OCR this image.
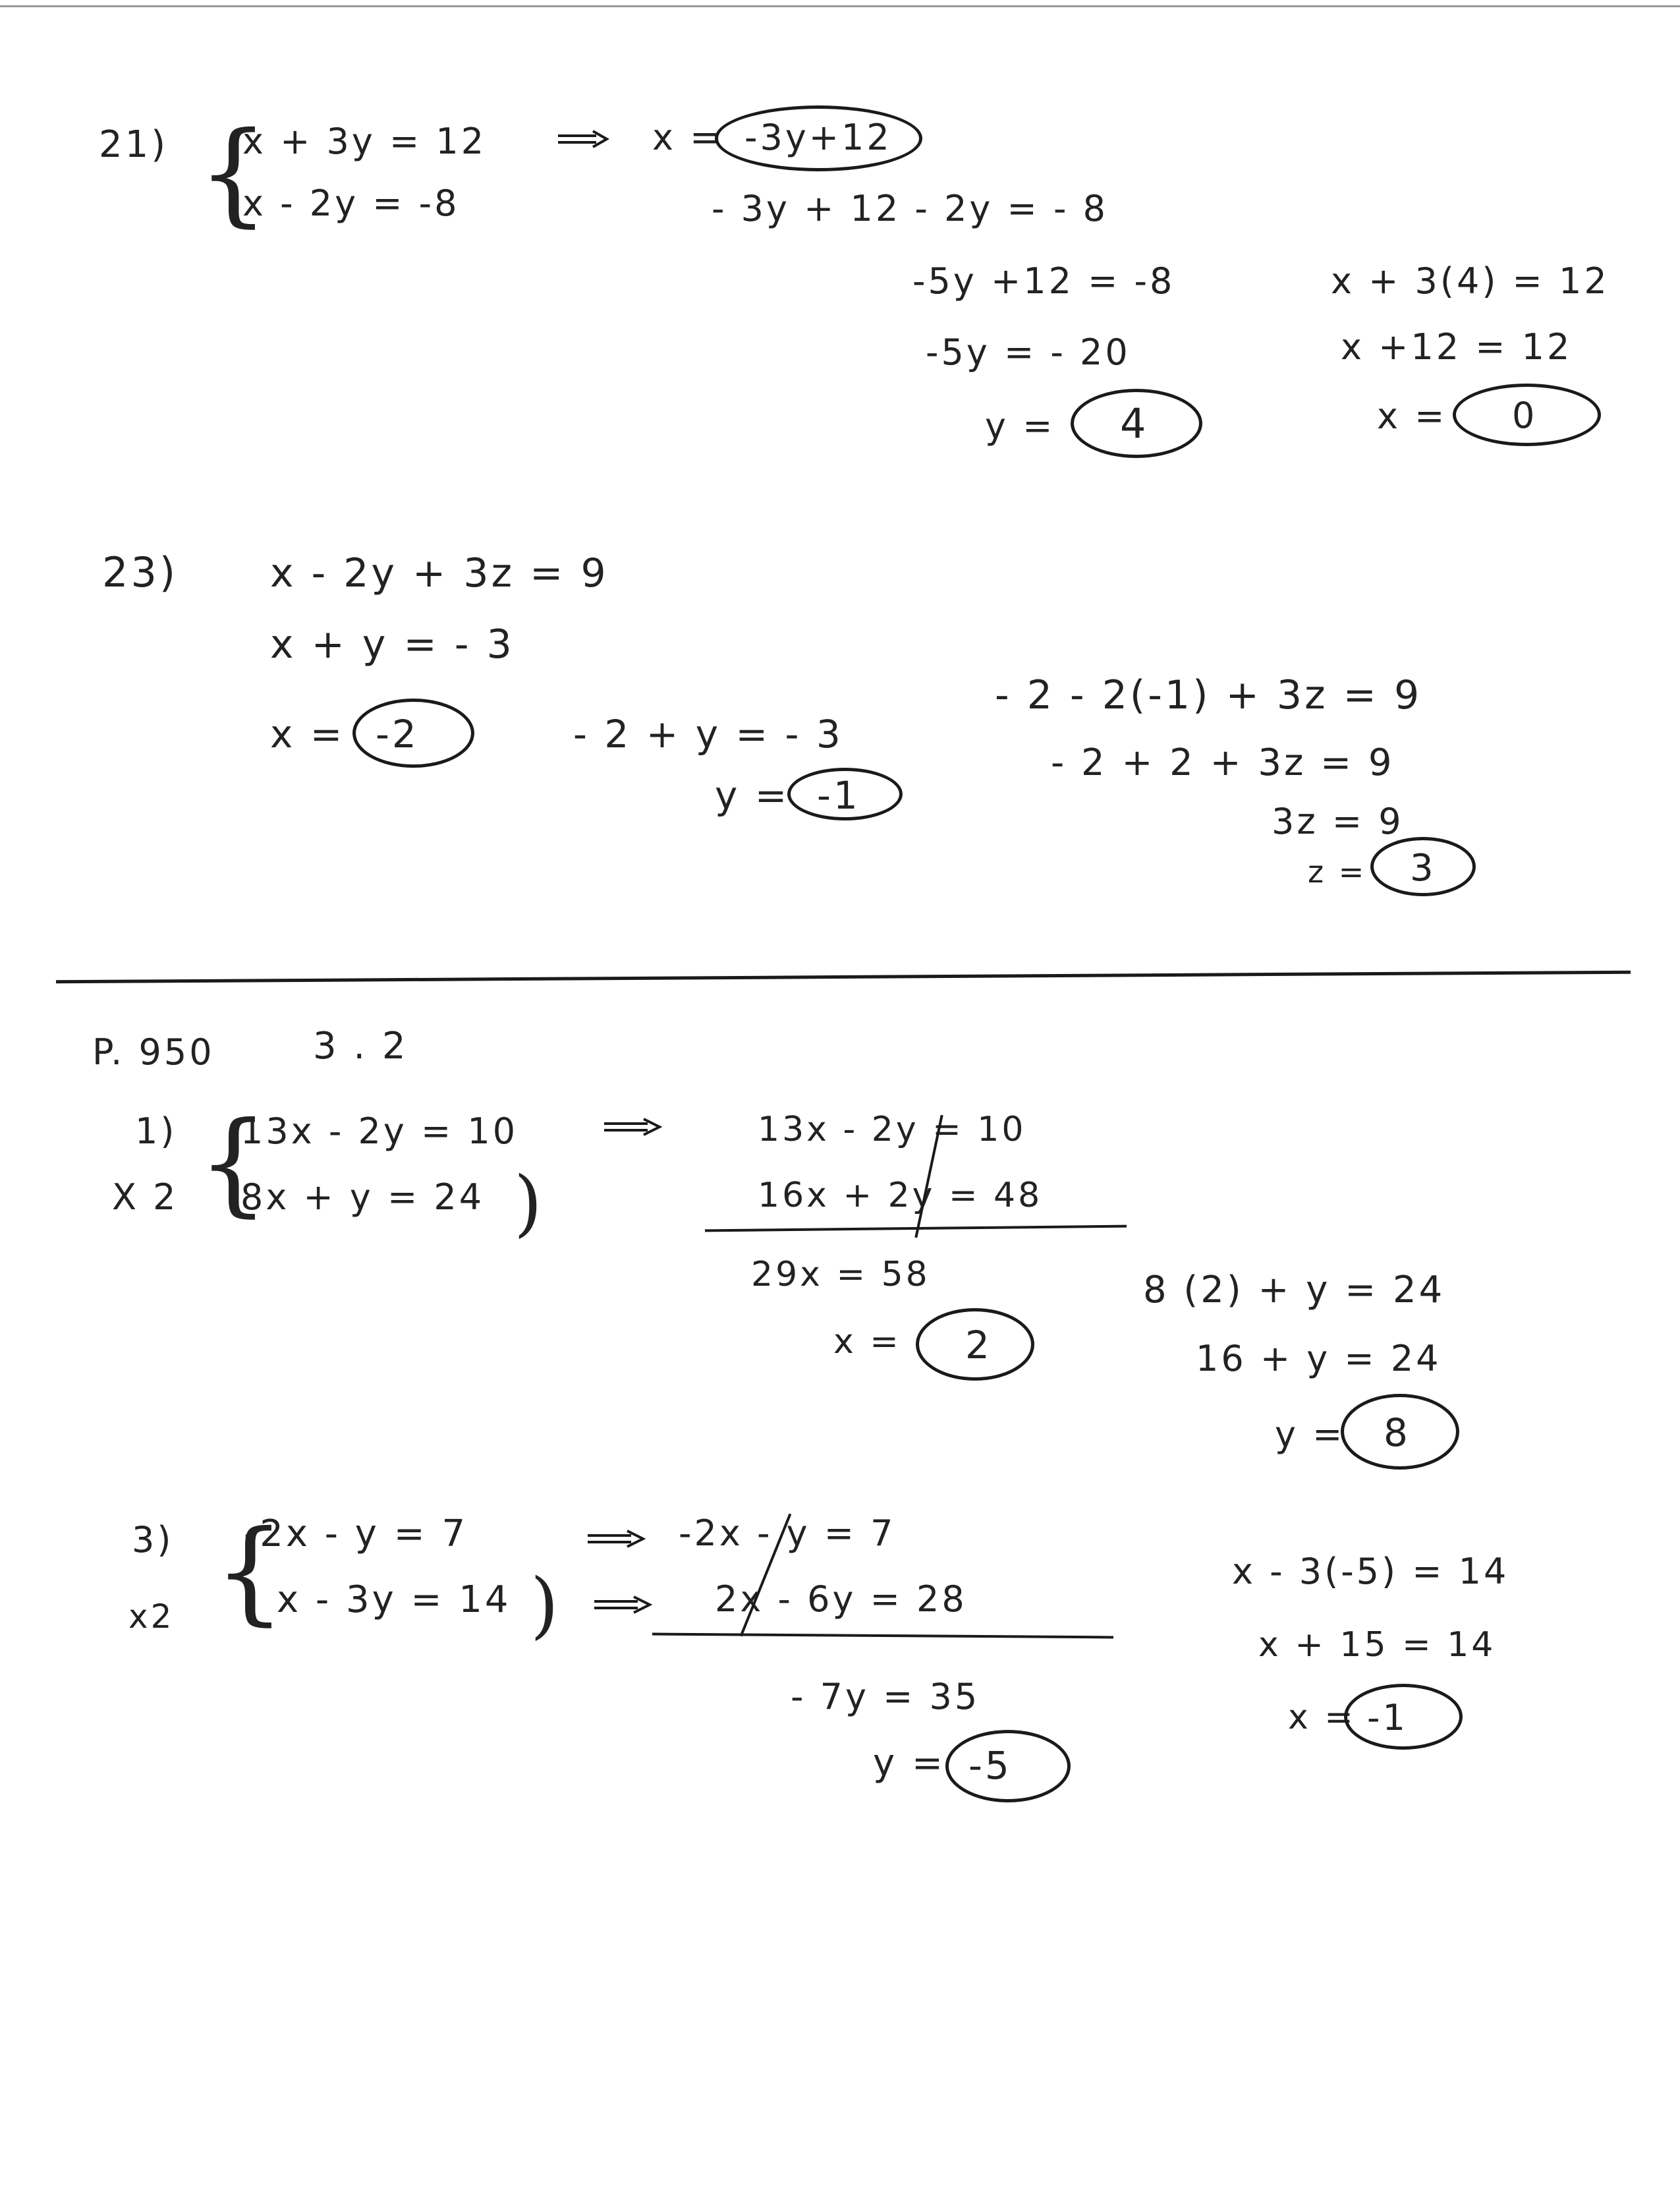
21) {
x + 3y = 12
x - 2y = -8
x = -3y+12
- 3y + 12 - 2y = - 8
-5y +12 = -8
-5y = - 20
y = 4
x + 3(4) = 12
x +12 = 12
x = 0
23) x - 2y + 3z = 9
x + y = - 3
x = -2	- 2 + y = - 3
y = -1
- 2 - 2(-1) + 3z = 9
- 2 + 2 + 3z = 9
3z = 9
z = 3
P. 950	3 . 2
1)
X 2 {
13x - 2y = 10
8x + y = 24 )
13x - 2y = 10
16x + 2y = 48
29x = 58
x = 2
8 (2) + y = 24
16 + y = 24
y = 8
3)
x2 {
-2x - y = 7
x - 3y = 14 )
-2x - y = 7
2x - 6y = 28
- 7y = 35
y = -5
x - 3(-5) = 14
x + 15 = 14
x = -1
